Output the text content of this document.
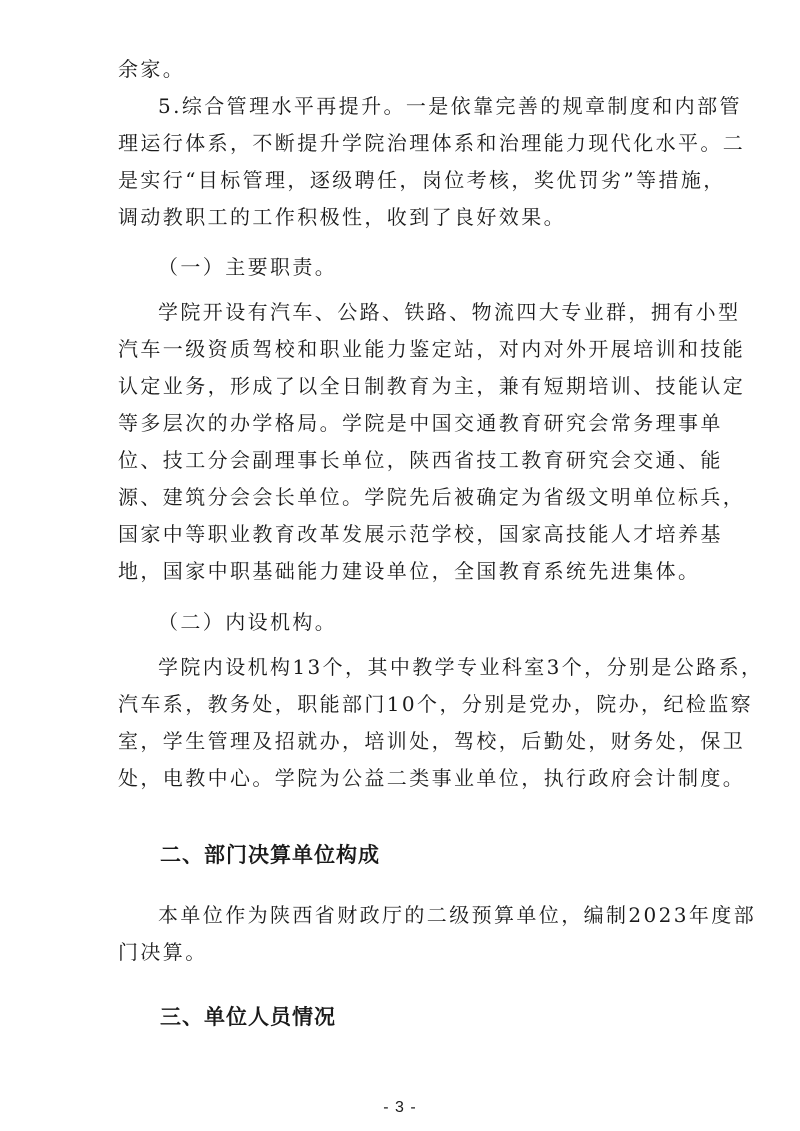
余家。
5.综合管理水平再提升。一是依靠完善的规章制度和内部管
理运行体系，不断提升学院治理体系和治理能力现代化水平。二
是实行“目标管理，逐级聘任，岗位考核，奖优罚劣”等措施，
调动教职工的工作积极性，收到了良好效果。
（一）主要职责。
学院开设有汽车、公路、铁路、物流四大专业群，拥有小型
汽车一级资质驾校和职业能力鉴定站，对内对外开展培训和技能
认定业务，形成了以全日制教育为主，兼有短期培训、技能认定
等多层次的办学格局。学院是中国交通教育研究会常务理事单
位、技工分会副理事长单位，陕西省技工教育研究会交通、能
源、建筑分会会长单位。学院先后被确定为省级文明单位标兵，
国家中等职业教育改革发展示范学校，国家高技能人才培养基
地，国家中职基础能力建设单位，全国教育系统先进集体。
（二）内设机构。
学院内设机构13个，其中教学专业科室3个，分别是公路系，
汽车系，教务处，职能部门10个，分别是党办，院办，纪检监察
室，学生管理及招就办，培训处，驾校，后勤处，财务处，保卫
处，电教中心。学院为公益二类事业单位，执行政府会计制度。
二、部门决算单位构成
本单位作为陕西省财政厅的二级预算单位，编制2023年度部
门决算。
三、单位人员情况
- 3 -
